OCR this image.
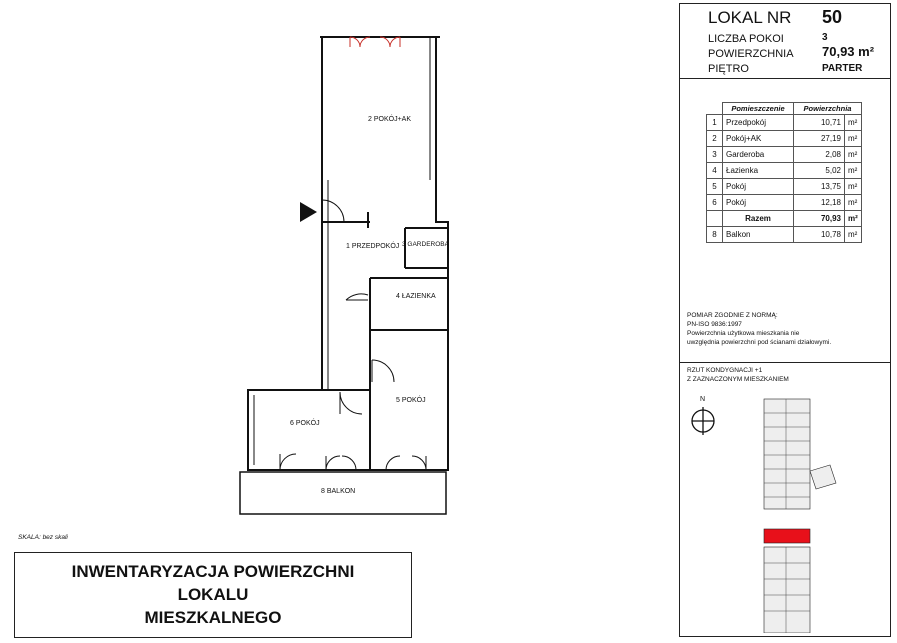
2 POKÓJ+AK
1 PRZEDPOKÓJ 3 GARDEROBA
4 ŁAZIENKA
5 POKÓJ
6 POKÓJ
8 BALKON
SKALA: bez skali
INWENTARYZACJA POWIERZCHNI
LOKALU
MIESZKALNEGO
LOKAL NR 50
LICZBA POKOI	3
POWIERZCHNIA 70,93 m²
PIĘTRO	PARTER
	Pomieszczenie	Powierzchnia	
1	Przedpokój	10,71	m²
2	Pokój+AK	27,19	m²
3	Garderoba	2,08	m²
4	Łazienka	5,02	m²
5	Pokój	13,75	m²
6	Pokój	12,18	m²
	Razem	70,93	m²
8	Balkon	10,78	m²
POMIAR ZGODNIE Z NORMĄ:
PN-ISO 9836:1997
Powierzchnia użytkowa mieszkania nie
uwzględnia powierzchni pod ścianami działowymi.
RZUT KONDYGNACJI +1
Z ZAZNACZONYM MIESZKANIEM
N
